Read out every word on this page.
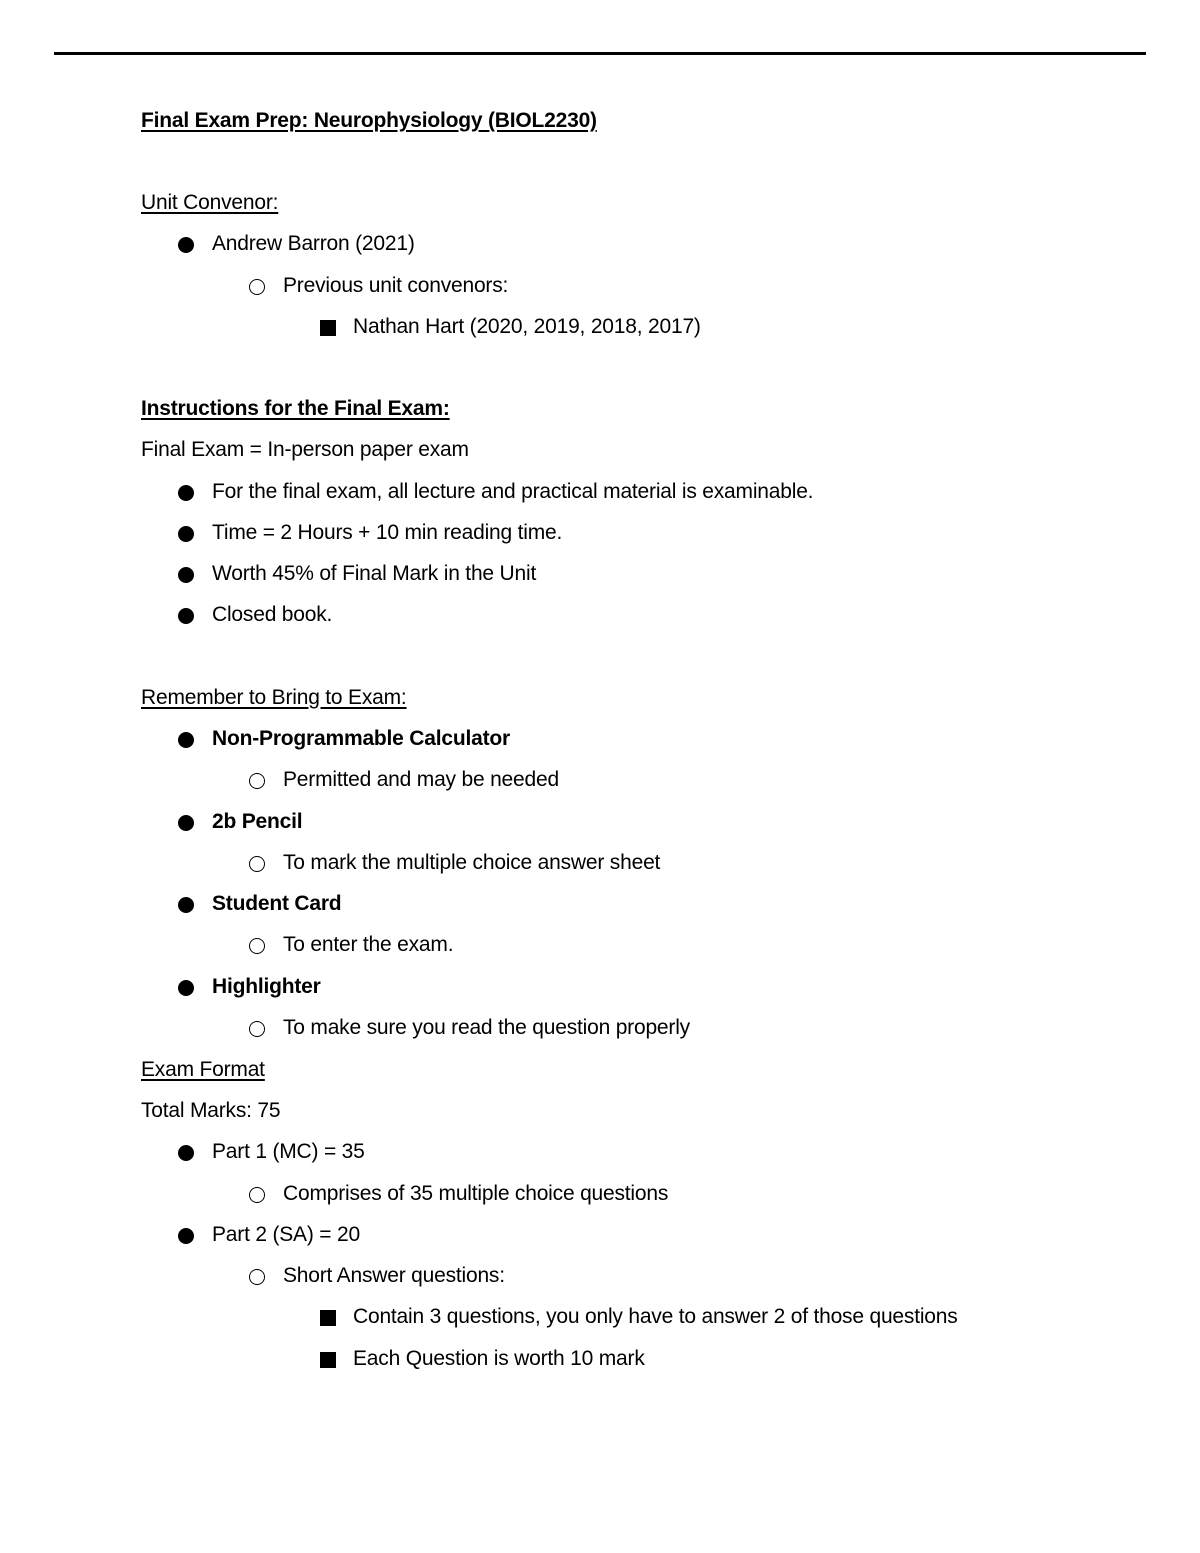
Final Exam Prep: Neurophysiology (BIOL2230)
Unit Convenor:
Andrew Barron (2021)
Previous unit convenors:
Nathan Hart (2020, 2019, 2018, 2017)
Instructions for the Final Exam:
Final Exam = In-person paper exam
For the final exam, all lecture and practical material is examinable.
Time = 2 Hours + 10 min reading time.
Worth 45% of Final Mark in the Unit
Closed book.
Remember to Bring to Exam:
Non-Programmable Calculator
Permitted and may be needed
2b Pencil
To mark the multiple choice answer sheet
Student Card
To enter the exam.
Highlighter
To make sure you read the question properly
Exam Format
Total Marks: 75
Part 1 (MC) = 35
Comprises of 35 multiple choice questions
Part 2 (SA) = 20
Short Answer questions:
Contain 3 questions, you only have to answer 2 of those questions
Each Question is worth 10 mark
